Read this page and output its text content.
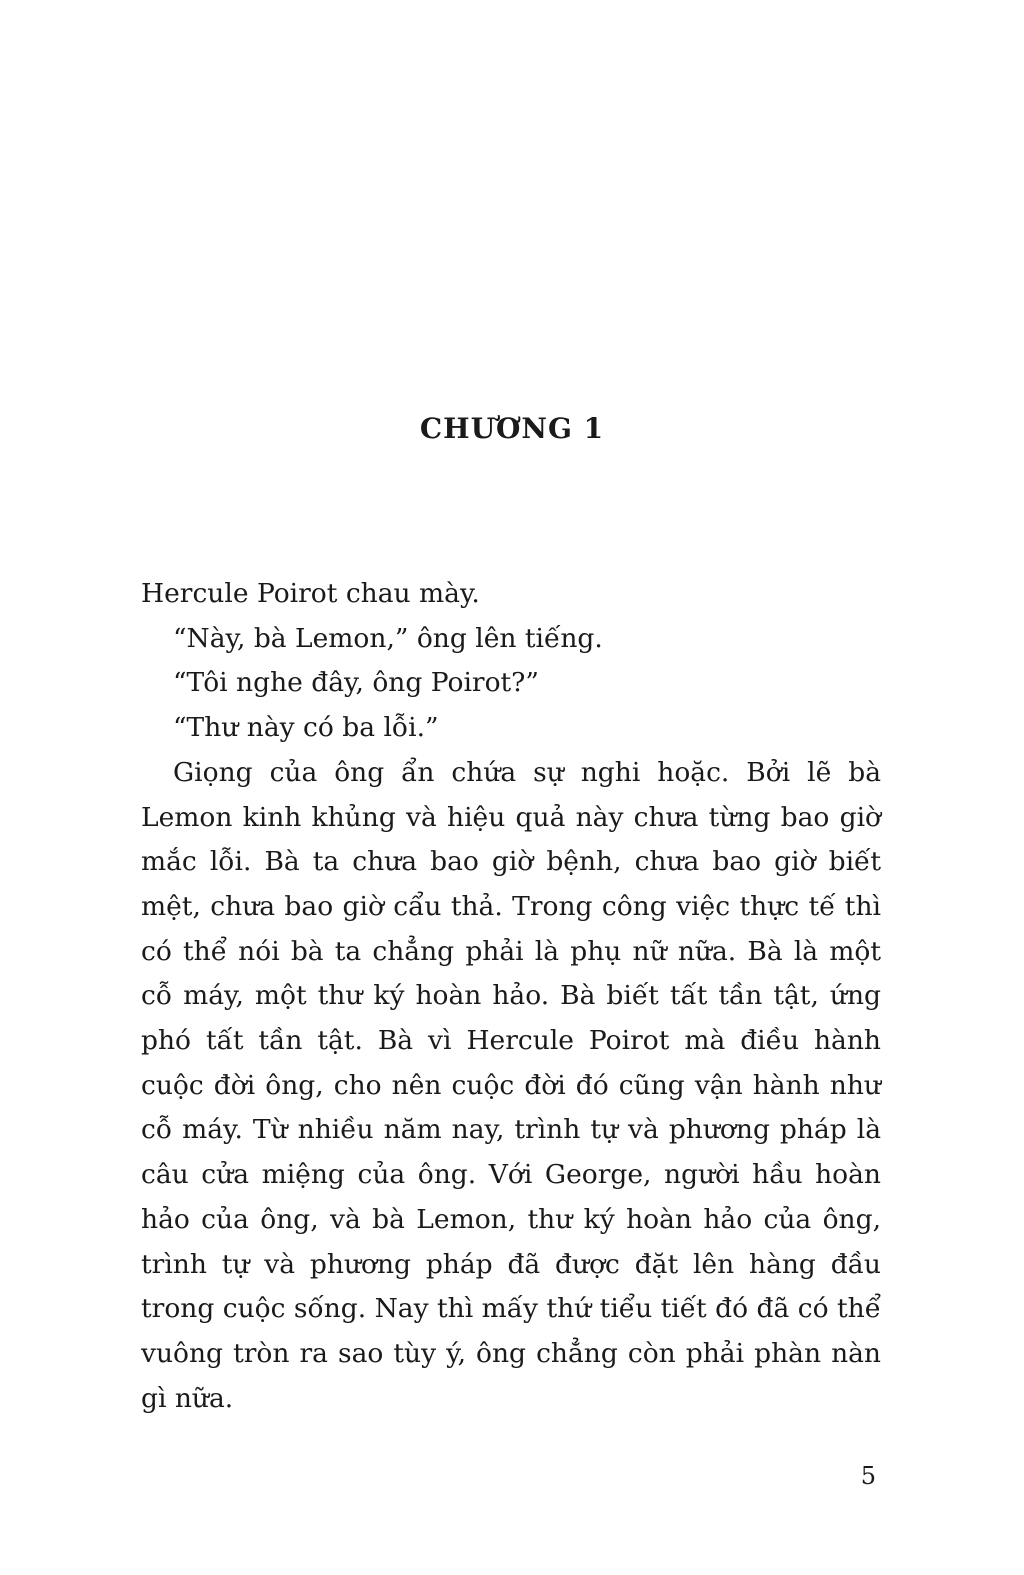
CHƯƠNG 1

Hercule Poirot chau mày.

“Này, bà Lemon,” ông lên tiếng.

“Tôi nghe đây, ông Poirot?”

“Thư này có ba lỗi.”

Giọng của ông ẩn chứa sự nghi hoặc. Bởi lẽ bà Lemon kinh khủng và hiệu quả này chưa từng bao giờ mắc lỗi. Bà ta chưa bao giờ bệnh, chưa bao giờ biết mệt, chưa bao giờ cẩu thả. Trong công việc thực tế thì có thể nói bà ta chẳng phải là phụ nữ nữa. Bà là một cỗ máy, một thư ký hoàn hảo. Bà biết tất tần tật, ứng phó tất tần tật. Bà vì Hercule Poirot mà điều hành cuộc đời ông, cho nên cuộc đời đó cũng vận hành như cỗ máy. Từ nhiều năm nay, trình tự và phương pháp là câu cửa miệng của ông. Với George, người hầu hoàn hảo của ông, và bà Lemon, thư ký hoàn hảo của ông, trình tự và phương pháp đã được đặt lên hàng đầu trong cuộc sống. Nay thì mấy thứ tiểu tiết đó đã có thể vuông tròn ra sao tùy ý, ông chẳng còn phải phàn nàn gì nữa.

5
